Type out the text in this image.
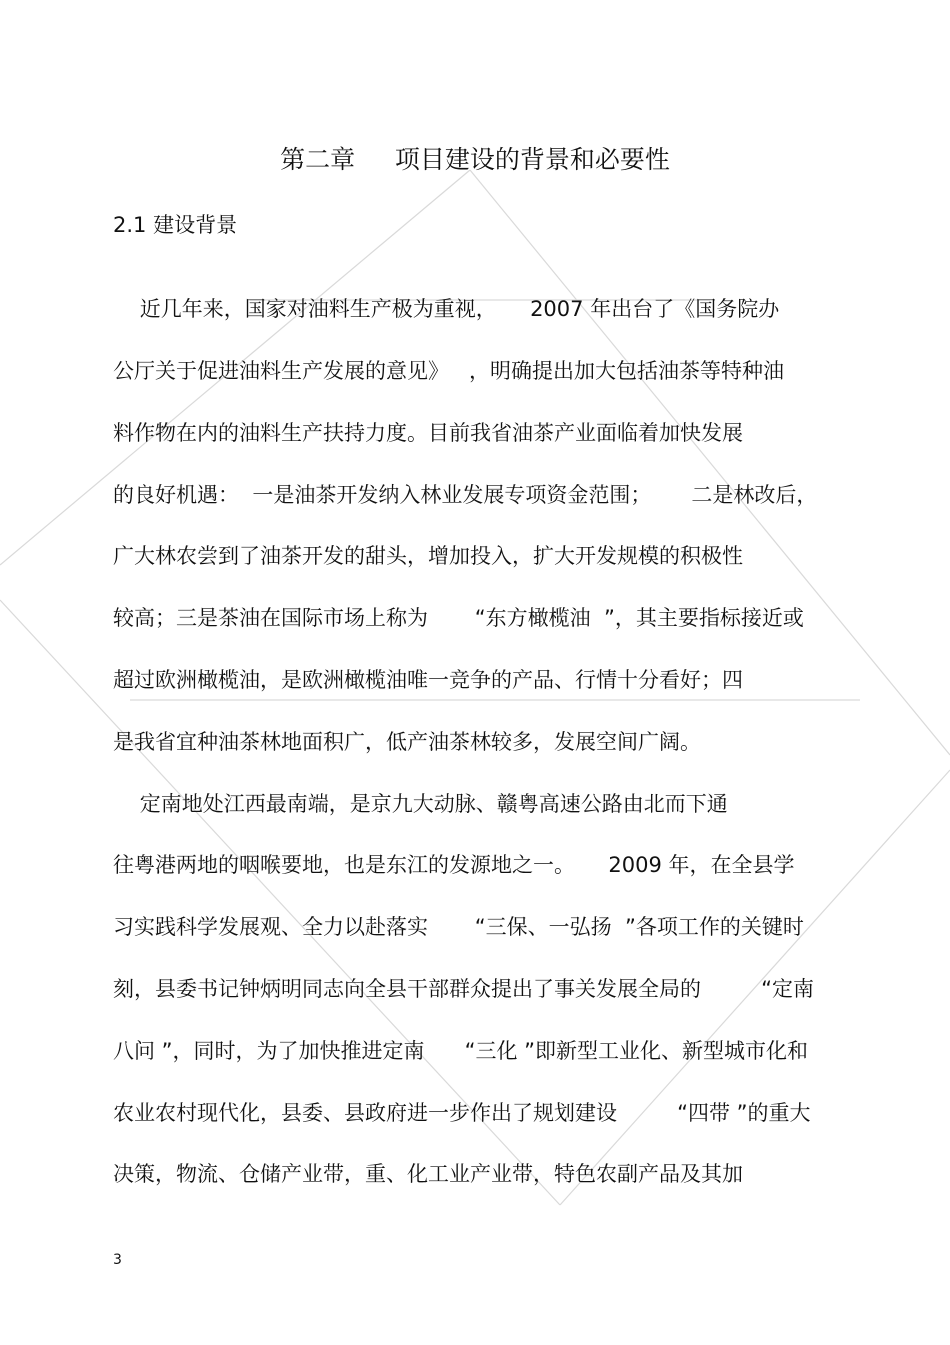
第二章     项目建设的背景和必要性
2.1 建设背景
近几年来，国家对油料生产极为重视，     2007 年出台了《国务院办
公厅关于促进油料生产发展的意见》   ，明确提出加大包括油茶等特种油
料作物在内的油料生产扶持力度。目前我省油茶产业面临着加快发展
的良好机遇：  一是油茶开发纳入林业发展专项资金范围；      二是林改后，
广大林农尝到了油茶开发的甜头，增加投入，扩大开发规模的积极性
较高；三是茶油在国际市场上称为       “东方橄榄油  ”，其主要指标接近或
超过欧洲橄榄油，是欧洲橄榄油唯一竞争的产品、行情十分看好；四
是我省宜种油茶林地面积广，低产油茶林较多，发展空间广阔。
定南地处江西最南端，是京九大动脉、赣粤高速公路由北而下通
往粤港两地的咽喉要地，也是东江的发源地之一。     2009 年，在全县学
习实践科学发展观、全力以赴落实       “三保、一弘扬  ”各项工作的关键时
刻，县委书记钟炳明同志向全县干部群众提出了事关发展全局的         “定南
八问 ”，同时，为了加快推进定南      “三化 ”即新型工业化、新型城市化和
农业农村现代化，县委、县政府进一步作出了规划建设         “四带 ”的重大
决策，物流、仓储产业带，重、化工业产业带，特色农副产品及其加
3
